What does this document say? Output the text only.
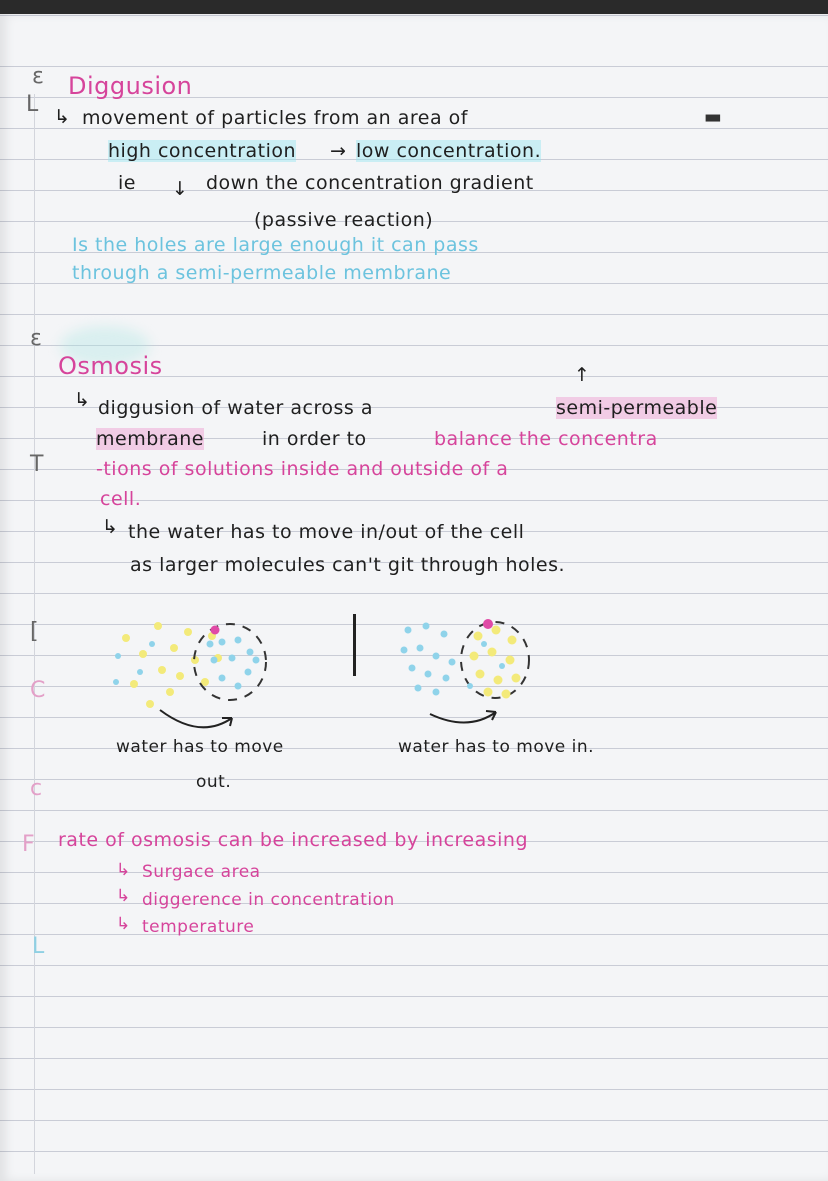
ε
L
ε
T
[
C
c
F
L
Diggusion
↳ movement of particles from an area of	▬
high concentration → low concentration.
ie ↓ down the concentration gradient
(passive reaction)
Is the holes are large enough it can pass
through a semi-permeable membrane
Osmosis	↑
↳ diggusion of water across a	semi-permeable
membrane	in order to	balance the concentra
-tions of solutions inside and outside of a
cell.
↳ the water has to move in/out of the cell
as larger molecules can't git through holes.
water has to move
out.
water has to move in.
rate of osmosis can be increased by increasing
↳ Surgace area
↳ diggerence in concentration
↳ temperature
